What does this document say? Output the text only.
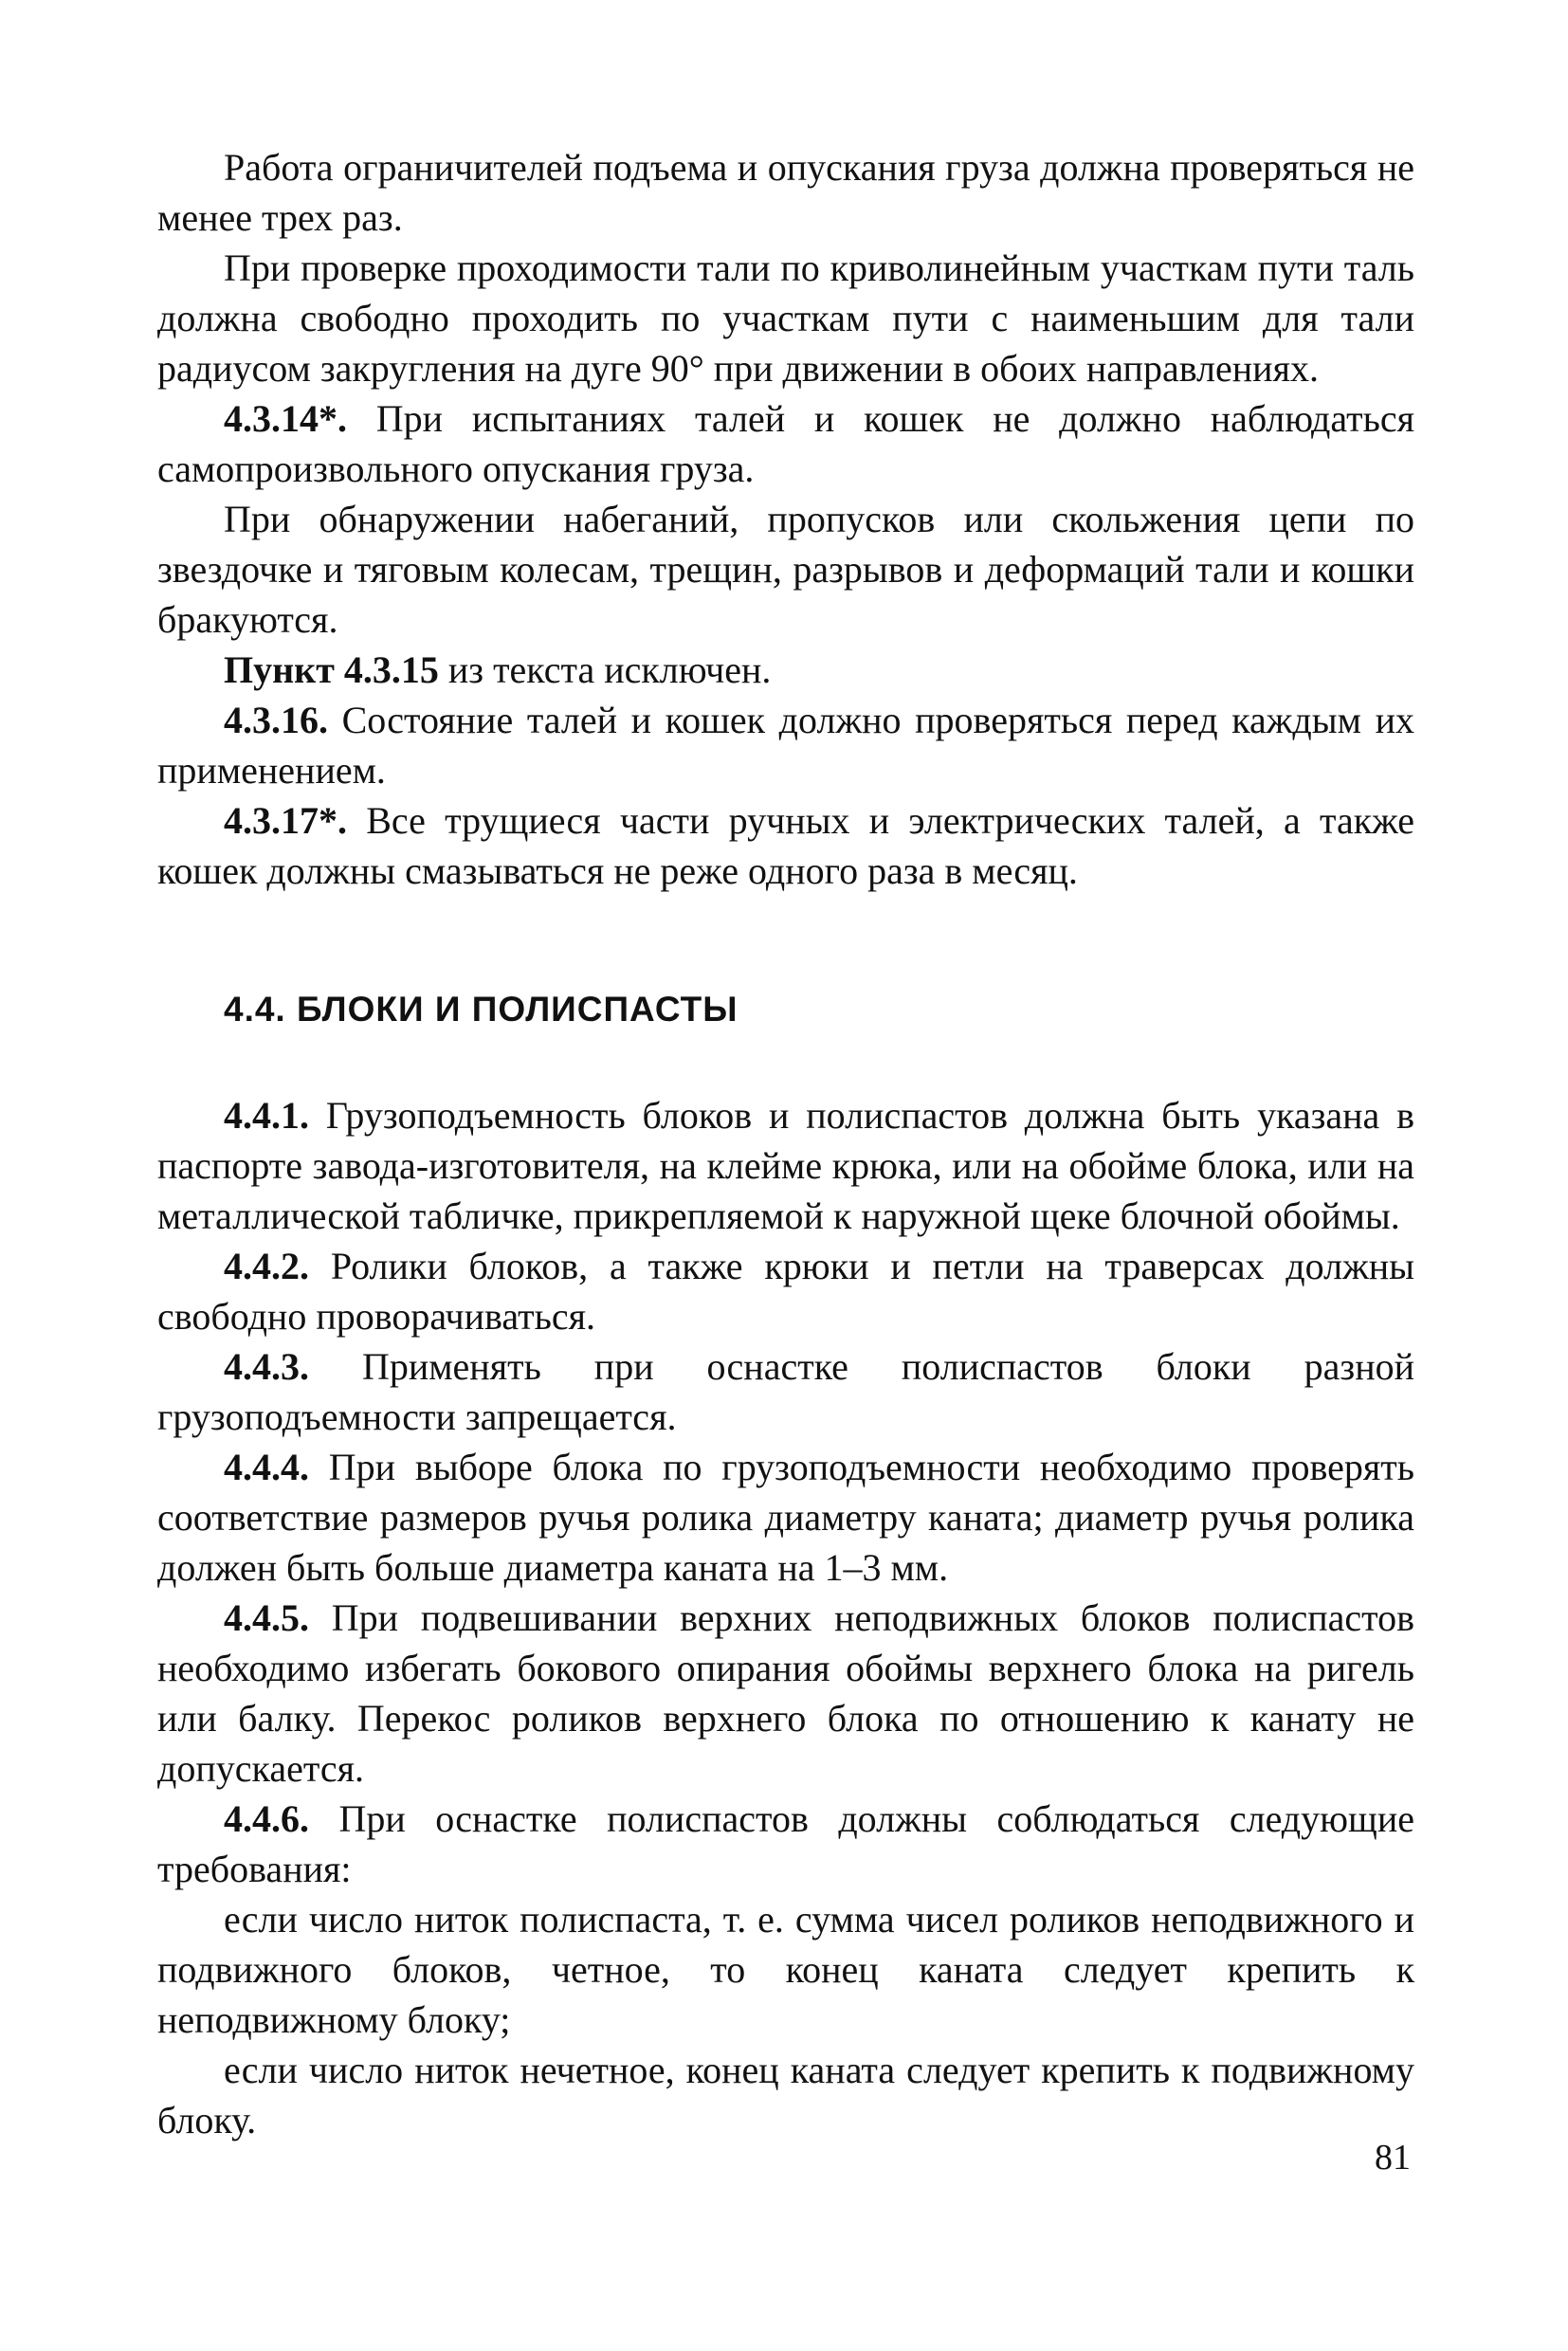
Работа ограничителей подъема и опускания груза должна проверяться не менее трех раз.

При проверке проходимости тали по криволинейным участкам пути таль должна свободно проходить по участкам пути с наименьшим для тали радиусом закругления на дуге 90° при движении в обоих направлениях.

4.3.14*. При испытаниях талей и кошек не должно наблюдаться самопроизвольного опускания груза.

При обнаружении набеганий, пропусков или скольжения цепи по звездочке и тяговым колесам, трещин, разрывов и деформаций тали и кошки бракуются.

Пункт 4.3.15 из текста исключен.

4.3.16. Состояние талей и кошек должно проверяться перед каждым их применением.

4.3.17*. Все трущиеся части ручных и электрических талей, а также кошек должны смазываться не реже одного раза в месяц.

4.4. БЛОКИ И ПОЛИСПАСТЫ

4.4.1. Грузоподъемность блоков и полиспастов должна быть указана в паспорте завода-изготовителя, на клейме крюка, или на обойме блока, или на металлической табличке, прикрепляемой к наружной щеке блочной обоймы.

4.4.2. Ролики блоков, а также крюки и петли на траверсах должны свободно проворачиваться.

4.4.3. Применять при оснастке полиспастов блоки разной грузоподъемности запрещается.

4.4.4. При выборе блока по грузоподъемности необходимо проверять соответствие размеров ручья ролика диаметру каната; диаметр ручья ролика должен быть больше диаметра каната на 1–3 мм.

4.4.5. При подвешивании верхних неподвижных блоков полиспастов необходимо избегать бокового опирания обоймы верхнего блока на ригель или балку. Перекос роликов верхнего блока по отношению к канату не допускается.

4.4.6. При оснастке полиспастов должны соблюдаться следующие требования:

если число ниток полиспаста, т. е. сумма чисел роликов неподвижного и подвижного блоков, четное, то конец каната следует крепить к неподвижному блоку;

если число ниток нечетное, конец каната следует крепить к подвижному блоку.

81
